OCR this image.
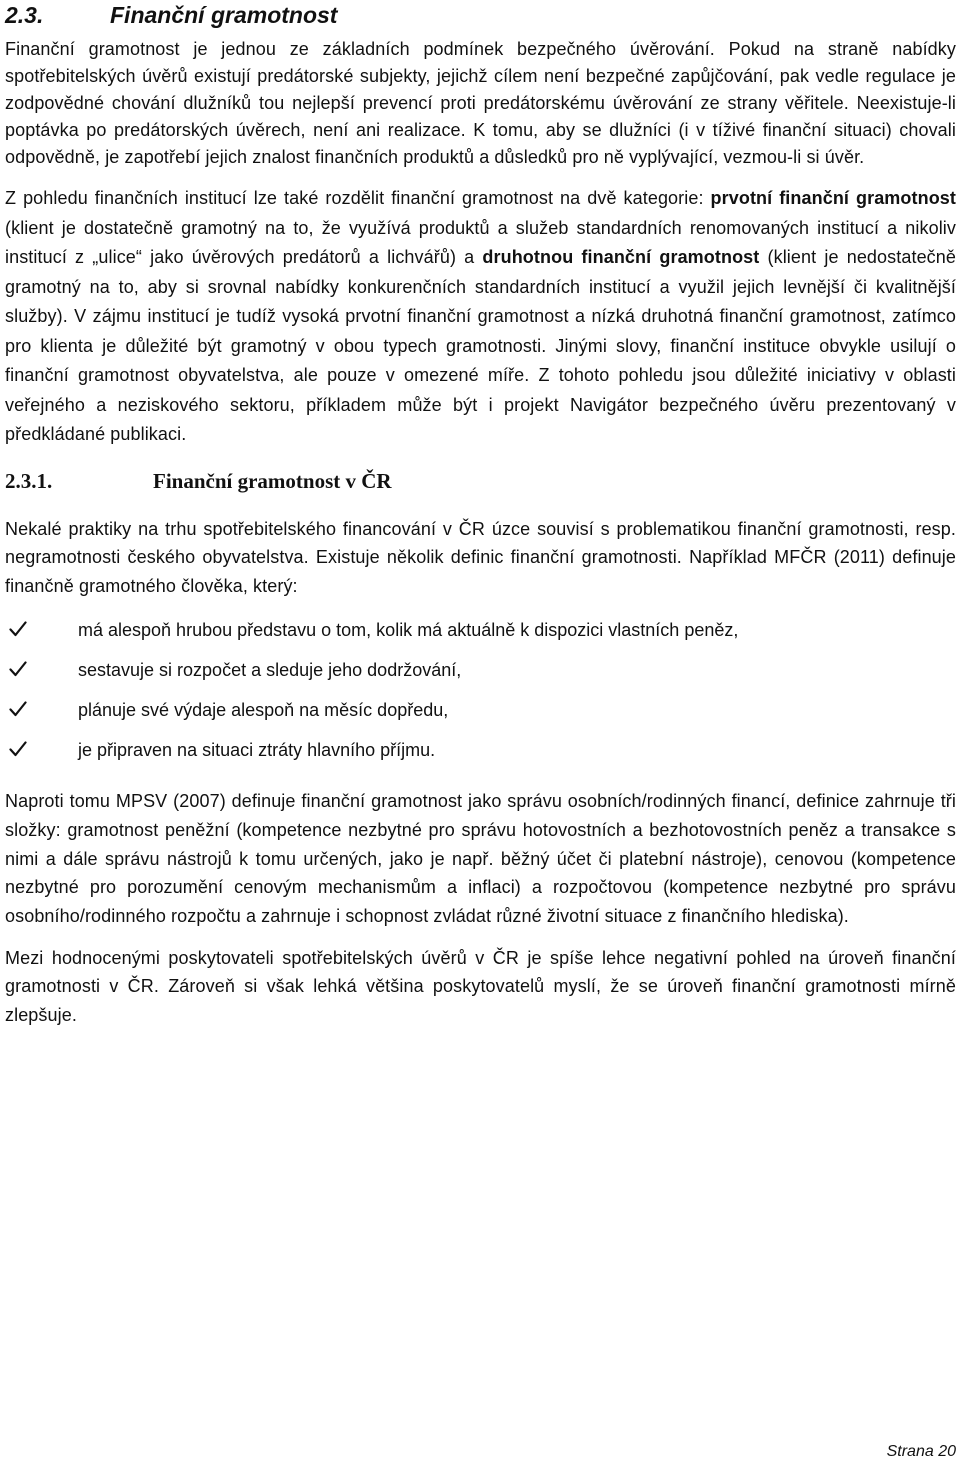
2.3.	Finanční gramotnost

Finanční gramotnost je jednou ze základních podmínek bezpečného úvěrování. Pokud na straně nabídky spotřebitelských úvěrů existují predátorské subjekty, jejichž cílem není bezpečné zapůjčování, pak vedle regulace je zodpovědné chování dlužníků tou nejlepší prevencí proti predátorskému úvěrování ze strany věřitele. Neexistuje-li poptávka po predátorských úvěrech, není ani realizace. K tomu, aby se dlužníci (i v tíživé finanční situaci) chovali odpovědně, je zapotřebí jejich znalost finančních produktů a důsledků pro ně vyplývající, vezmou-li si úvěr.

Z pohledu finančních institucí lze také rozdělit finanční gramotnost na dvě kategorie: prvotní finanční gramotnost (klient je dostatečně gramotný na to, že využívá produktů a služeb standardních renomovaných institucí a nikoliv institucí z „ulice“ jako úvěrových predátorů a lichvářů) a druhotnou finanční gramotnost (klient je nedostatečně gramotný na to, aby si srovnal nabídky konkurenčních standardních institucí a využil jejich levnější či kvalitnější služby). V zájmu institucí je tudíž vysoká prvotní finanční gramotnost a nízká druhotná finanční gramotnost, zatímco pro klienta je důležité být gramotný v obou typech gramotnosti. Jinými slovy, finanční instituce obvykle usilují o finanční gramotnost obyvatelstva, ale pouze v omezené míře. Z tohoto pohledu jsou důležité iniciativy v oblasti veřejného a neziskového sektoru, příkladem může být i projekt Navigátor bezpečného úvěru prezentovaný v předkládané publikaci.

2.3.1.	Finanční gramotnost v ČR

Nekalé praktiky na trhu spotřebitelského financování v ČR úzce souvisí s problematikou finanční gramotnosti, resp. negramotnosti českého obyvatelstva. Existuje několik definic finanční gramotnosti. Například MFČR (2011) definuje finančně gramotného člověka, který:

má alespoň hrubou představu o tom, kolik má aktuálně k dispozici vlastních peněz,
sestavuje si rozpočet a sleduje jeho dodržování,
plánuje své výdaje alespoň na měsíc dopředu,
je připraven na situaci ztráty hlavního příjmu.

Naproti tomu MPSV (2007) definuje finanční gramotnost jako správu osobních/rodinných financí, definice zahrnuje tři složky: gramotnost peněžní (kompetence nezbytné pro správu hotovostních a bezhotovostních peněz a transakce s nimi a dále správu nástrojů k tomu určených, jako je např. běžný účet či platební nástroje), cenovou (kompetence nezbytné pro porozumění cenovým mechanismům a inflaci) a rozpočtovou (kompetence nezbytné pro správu osobního/rodinného rozpočtu a zahrnuje i schopnost zvládat různé životní situace z finančního hlediska).

Mezi hodnocenými poskytovateli spotřebitelských úvěrů v ČR je spíše lehce negativní pohled na úroveň finanční gramotnosti v ČR. Zároveň si však lehká většina poskytovatelů myslí, že se úroveň finanční gramotnosti mírně zlepšuje.

Strana 20
